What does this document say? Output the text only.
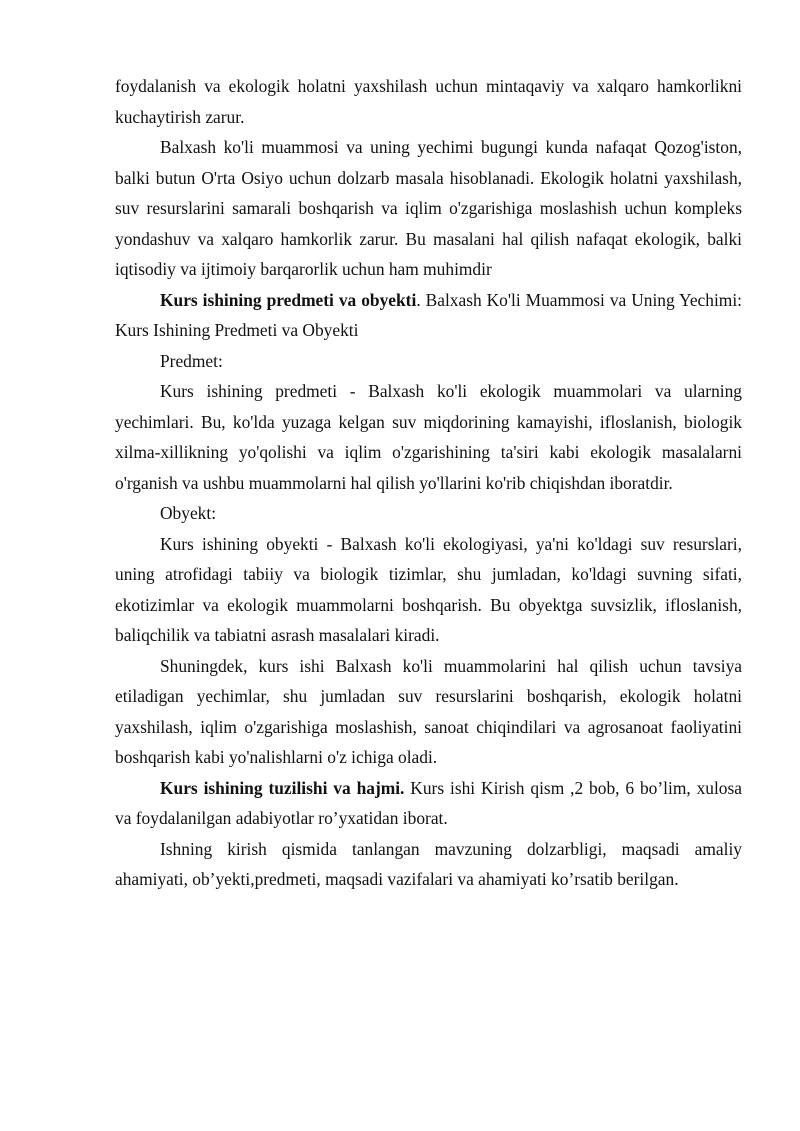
foydalanish va ekologik holatni yaxshilash uchun mintaqaviy va xalqaro hamkorlikni kuchaytirish zarur.

Balxash ko'li muammosi va uning yechimi bugungi kunda nafaqat Qozog'iston, balki butun O'rta Osiyo uchun dolzarb masala hisoblanadi. Ekologik holatni yaxshilash, suv resurslarini samarali boshqarish va iqlim o'zgarishiga moslashish uchun kompleks yondashuv va xalqaro hamkorlik zarur. Bu masalani hal qilish nafaqat ekologik, balki iqtisodiy va ijtimoiy barqarorlik uchun ham muhimdir

Kurs ishining predmeti va obyekti. Balxash Ko'li Muammosi va Uning Yechimi: Kurs Ishining Predmeti va Obyekti

Predmet:

Kurs ishining predmeti - Balxash ko'li ekologik muammolari va ularning yechimlari. Bu, ko'lda yuzaga kelgan suv miqdorining kamayishi, ifloslanish, biologik xilma-xillikning yo'qolishi va iqlim o'zgarishining ta'siri kabi ekologik masalalarni o'rganish va ushbu muammolarni hal qilish yo'llarini ko'rib chiqishdan iboratdir.

Obyekt:

Kurs ishining obyekti - Balxash ko'li ekologiyasi, ya'ni ko'ldagi suv resurslari, uning atrofidagi tabiiy va biologik tizimlar, shu jumladan, ko'ldagi suvning sifati, ekotizimlar va ekologik muammolarni boshqarish. Bu obyektga suvsizlik, ifloslanish, baliqchilik va tabiatni asrash masalalari kiradi.

Shuningdek, kurs ishi Balxash ko'li muammolarini hal qilish uchun tavsiya etiladigan yechimlar, shu jumladan suv resurslarini boshqarish, ekologik holatni yaxshilash, iqlim o'zgarishiga moslashish, sanoat chiqindilari va agrosanoat faoliyatini boshqarish kabi yo'nalishlarni o'z ichiga oladi.

Kurs ishining tuzilishi va hajmi. Kurs ishi Kirish qism ,2 bob, 6 bo’lim, xulosa va foydalanilgan adabiyotlar ro’yxatidan iborat.

Ishning kirish qismida tanlangan mavzuning dolzarbligi, maqsadi amaliy ahamiyati, ob’yekti,predmeti, maqsadi vazifalari va ahamiyati ko’rsatib berilgan.
